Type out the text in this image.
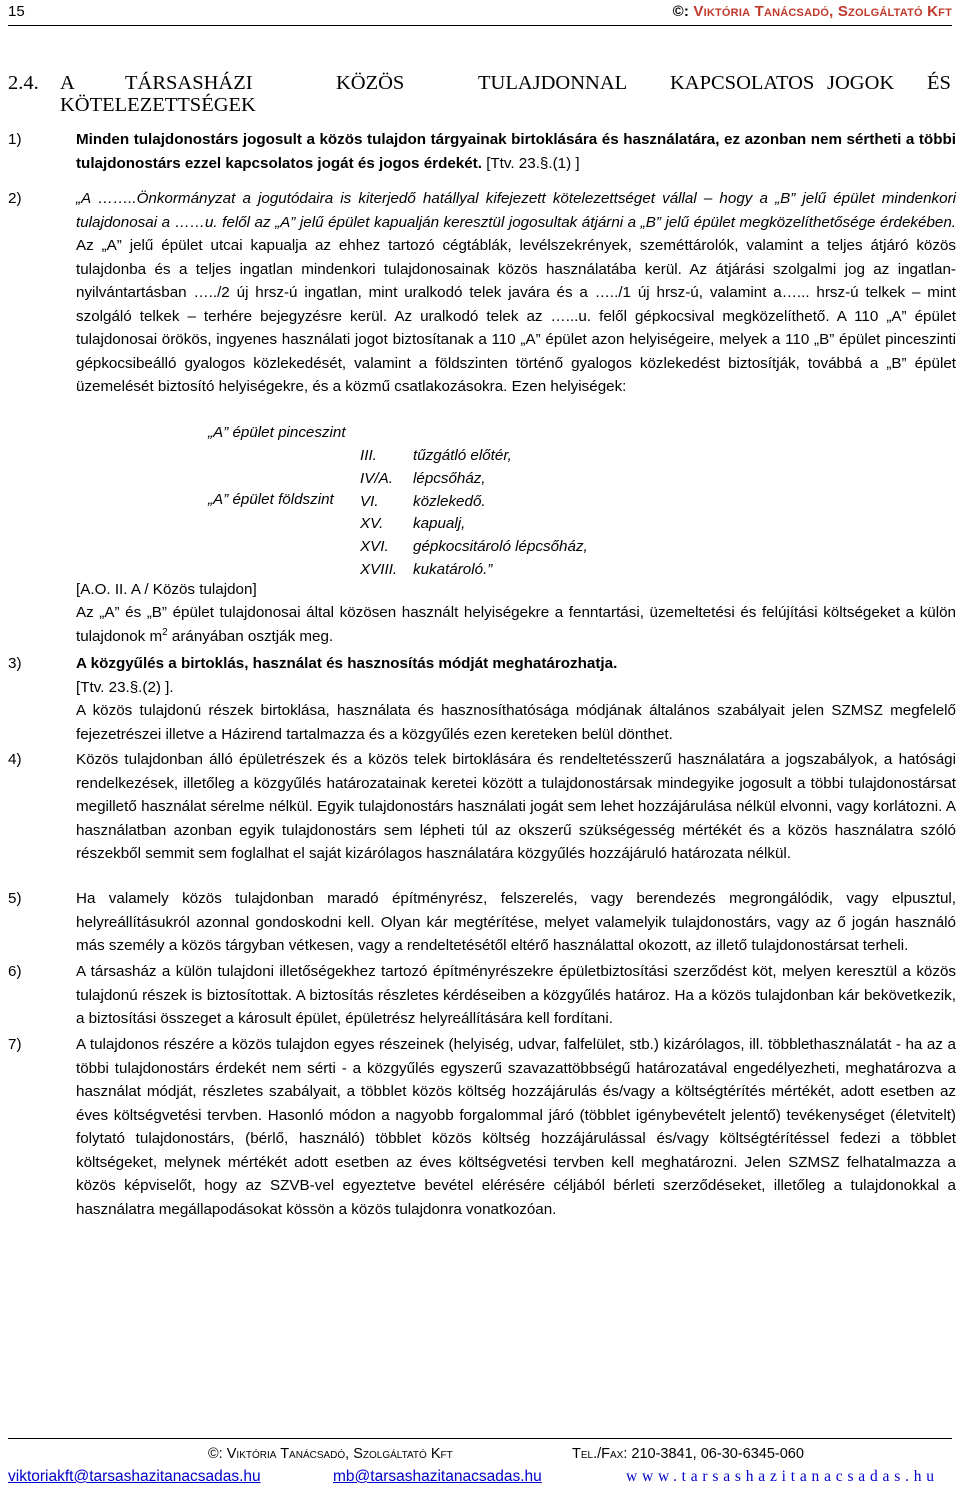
15	©: Viktória Tanácsadó, Szolgáltató Kft
2.4. A TÁRSASHÁZI	KÖZÖS	TULAJDONNAL KAPCSOLATOS JOGOK ÉS
KÖTELEZETTSÉGEK
1)	Minden tulajdonostárs jogosult a közös tulajdon tárgyainak birtoklására és használatára, ez azonban nem sértheti a többi tulajdonostárs ezzel kapcsolatos jogát és jogos érdekét. [Ttv. 23.§.(1) ]
2)	„A ……..Önkormányzat a jogutódaira is kiterjedő hatállyal kifejezett kötelezettséget vállal – hogy a „B” jelű épület mindenkori tulajdonosai a ……u. felől az „A” jelű épület kapualján keresztül jogosultak átjárni a „B” jelű épület megközelíthetősége érdekében. Az „A” jelű épület utcai kapualja az ehhez tartozó cégtáblák, levélszekrények, szeméttárolók, valamint a teljes átjáró közös tulajdonba és a teljes ingatlan mindenkori tulajdonosainak közös használatába kerül. Az átjárási szolgalmi jog az ingatlan-nyilvántartásban …../2 új hrsz-ú ingatlan, mint uralkodó telek javára és a …../1 új hrsz-ú, valamint a…... hrsz-ú telkek – mint szolgáló telkek – terhére bejegyzésre kerül. Az uralkodó telek az …...u. felől gépkocsival megközelíthető. A 110 „A” épület tulajdonosai örökös, ingyenes használati jogot biztosítanak a 110 „A” épület azon helyiségeire, melyek a 110 „B” épület pinceszinti gépkocsibeálló gyalogos közlekedését, valamint a földszinten történő gyalogos közlekedést biztosítják, továbbá a „B” épület üzemelését biztosító helyiségekre, és a közmű csatlakozásokra. Ezen helyiségek:
„A” épület pinceszint
III. tűzgátló előtér,
IV/A. lépcsőház,
VI. közlekedő.
„A” épület földszint
XV. kapualj,
XVI. gépkocsitároló lépcsőház,
XVIII. kukatároló.”
[A.O. II. A / Közös tulajdon]
Az „A” és „B” épület tulajdonosai által közösen használt helyiségekre a fenntartási, üzemeltetési és felújítási költségeket a külön tulajdonok $m^2$ arányában osztják meg.
3)	A közgyűlés a birtoklás, használat és hasznosítás módját meghatározhatja.
[Ttv. 23.§.(2) ].
A közös tulajdonú részek birtoklása, használata és hasznosíthatósága módjának általános szabályait jelen SZMSZ megfelelő fejezetrészei illetve a Házirend tartalmazza és a közgyűlés ezen kereteken belül dönthet.
4)	Közös tulajdonban álló épületrészek és a közös telek birtoklására és rendeltetésszerű használatára a jogszabályok, a hatósági rendelkezések, illetőleg a közgyűlés határozatainak keretei között a tulajdonostársak mindegyike jogosult a többi tulajdonostársat megillető használat sérelme nélkül. Egyik tulajdonostárs használati jogát sem lehet hozzájárulása nélkül elvonni, vagy korlátozni. A használatban azonban egyik tulajdonostárs sem lépheti túl az okszerű szükségesség mértékét és a közös használatra szóló részekből semmit sem foglalhat el saját kizárólagos használatára közgyűlés hozzájáruló határozata nélkül.
5)	Ha valamely közös tulajdonban maradó építményrész, felszerelés, vagy berendezés megrongálódik, vagy elpusztul, helyreállításukról azonnal gondoskodni kell. Olyan kár megtérítése, melyet valamelyik tulajdonostárs, vagy az ő jogán használó más személy a közös tárgyban vétkesen, vagy a rendeltetésétől eltérő használattal okozott, az illető tulajdonostársat terheli.
6)	A társasház a külön tulajdoni illetőségekhez tartozó építményrészekre épületbiztosítási szerződést köt, melyen keresztül a közös tulajdonú részek is biztosítottak. A biztosítás részletes kérdéseiben a közgyűlés határoz. Ha a közös tulajdonban kár bekövetkezik, a biztosítási összeget a károsult épület, épületrész helyreállítására kell fordítani.
7)	A tulajdonos részére a közös tulajdon egyes részeinek (helyiség, udvar, falfelület, stb.) kizárólagos, ill. többlethasználatát - ha az a többi tulajdonostárs érdekét nem sérti - a közgyűlés egyszerű szavazattöbbségű határozatával engedélyezheti, meghatározva a használat módját, részletes szabályait, a többlet közös költség hozzájárulás és/vagy a költségtérítés mértékét, adott esetben az éves költségvetési tervben. Hasonló módon a nagyobb forgalommal járó (többlet igénybevételt jelentő) tevékenységet (életvitelt) folytató tulajdonostárs, (bérlő, használó) többlet közös költség hozzájárulással és/vagy költségtérítéssel fedezi a többlet költségeket, melynek mértékét adott esetben az éves költségvetési tervben kell meghatározni. Jelen SZMSZ felhatalmazza a közös képviselőt, hogy az SZVB-vel egyeztetve bevétel elérésére céljából bérleti szerződéseket, illetőleg a tulajdonokkal a használatra megállapodásokat kössön a közös tulajdonra vonatkozóan.
©: Viktória Tanácsadó, Szolgáltató Kft	Tel./Fax: 210-3841, 06-30-6345-060
viktoriakft@tarsashazitanacsadas.hu	mb@tarsashazitanacsadas.hu	www.tarsashazitanacsadas.hu
